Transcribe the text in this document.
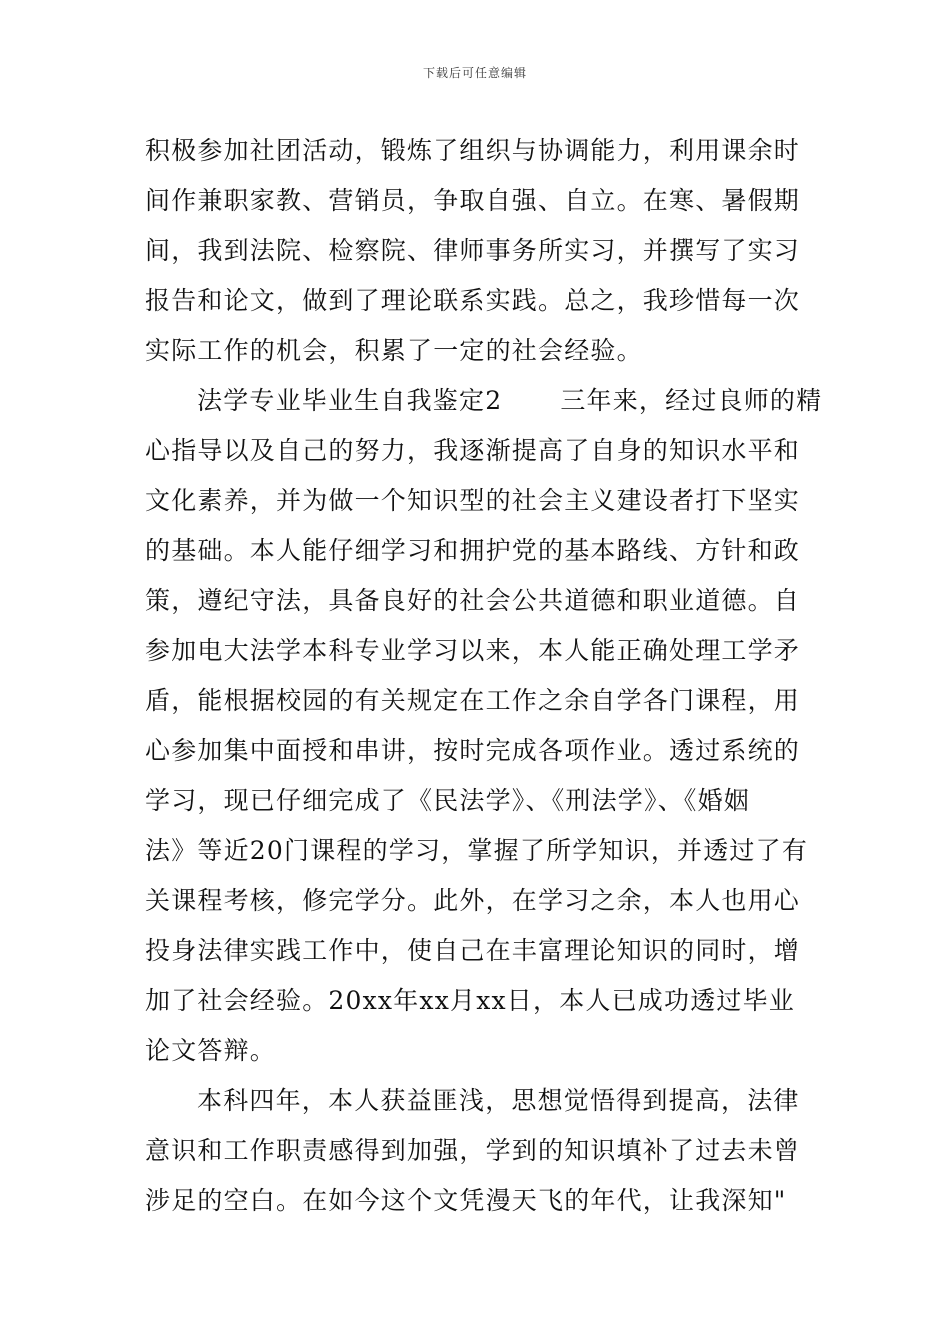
下载后可任意编辑
积极参加社团活动，锻炼了组织与协调能力，利用课余时
间作兼职家教、营销员，争取自强、自立。在寒、暑假期
间，我到法院、检察院、律师事务所实习，并撰写了实习
报告和论文，做到了理论联系实践。总之，我珍惜每一次
实际工作的机会，积累了一定的社会经验。
法学专业毕业生自我鉴定2 三年来，经过良师的精
心指导以及自己的努力，我逐渐提高了自身的知识水平和
文化素养，并为做一个知识型的社会主义建设者打下坚实
的基础。本人能仔细学习和拥护党的基本路线、方针和政
策，遵纪守法，具备良好的社会公共道德和职业道德。自
参加电大法学本科专业学习以来，本人能正确处理工学矛
盾，能根据校园的有关规定在工作之余自学各门课程，用
心参加集中面授和串讲，按时完成各项作业。透过系统的
学习，现已仔细完成了《民法学》、《刑法学》、《婚姻
法》等近20门课程的学习，掌握了所学知识，并透过了有
关课程考核，修完学分。此外，在学习之余，本人也用心
投身法律实践工作中，使自己在丰富理论知识的同时，增
加了社会经验。20xx年xx月xx日，本人已成功透过毕业
论文答辩。
本科四年，本人获益匪浅，思想觉悟得到提高，法律
意识和工作职责感得到加强，学到的知识填补了过去未曾
涉足的空白。在如今这个文凭漫天飞的年代，让我深知"
